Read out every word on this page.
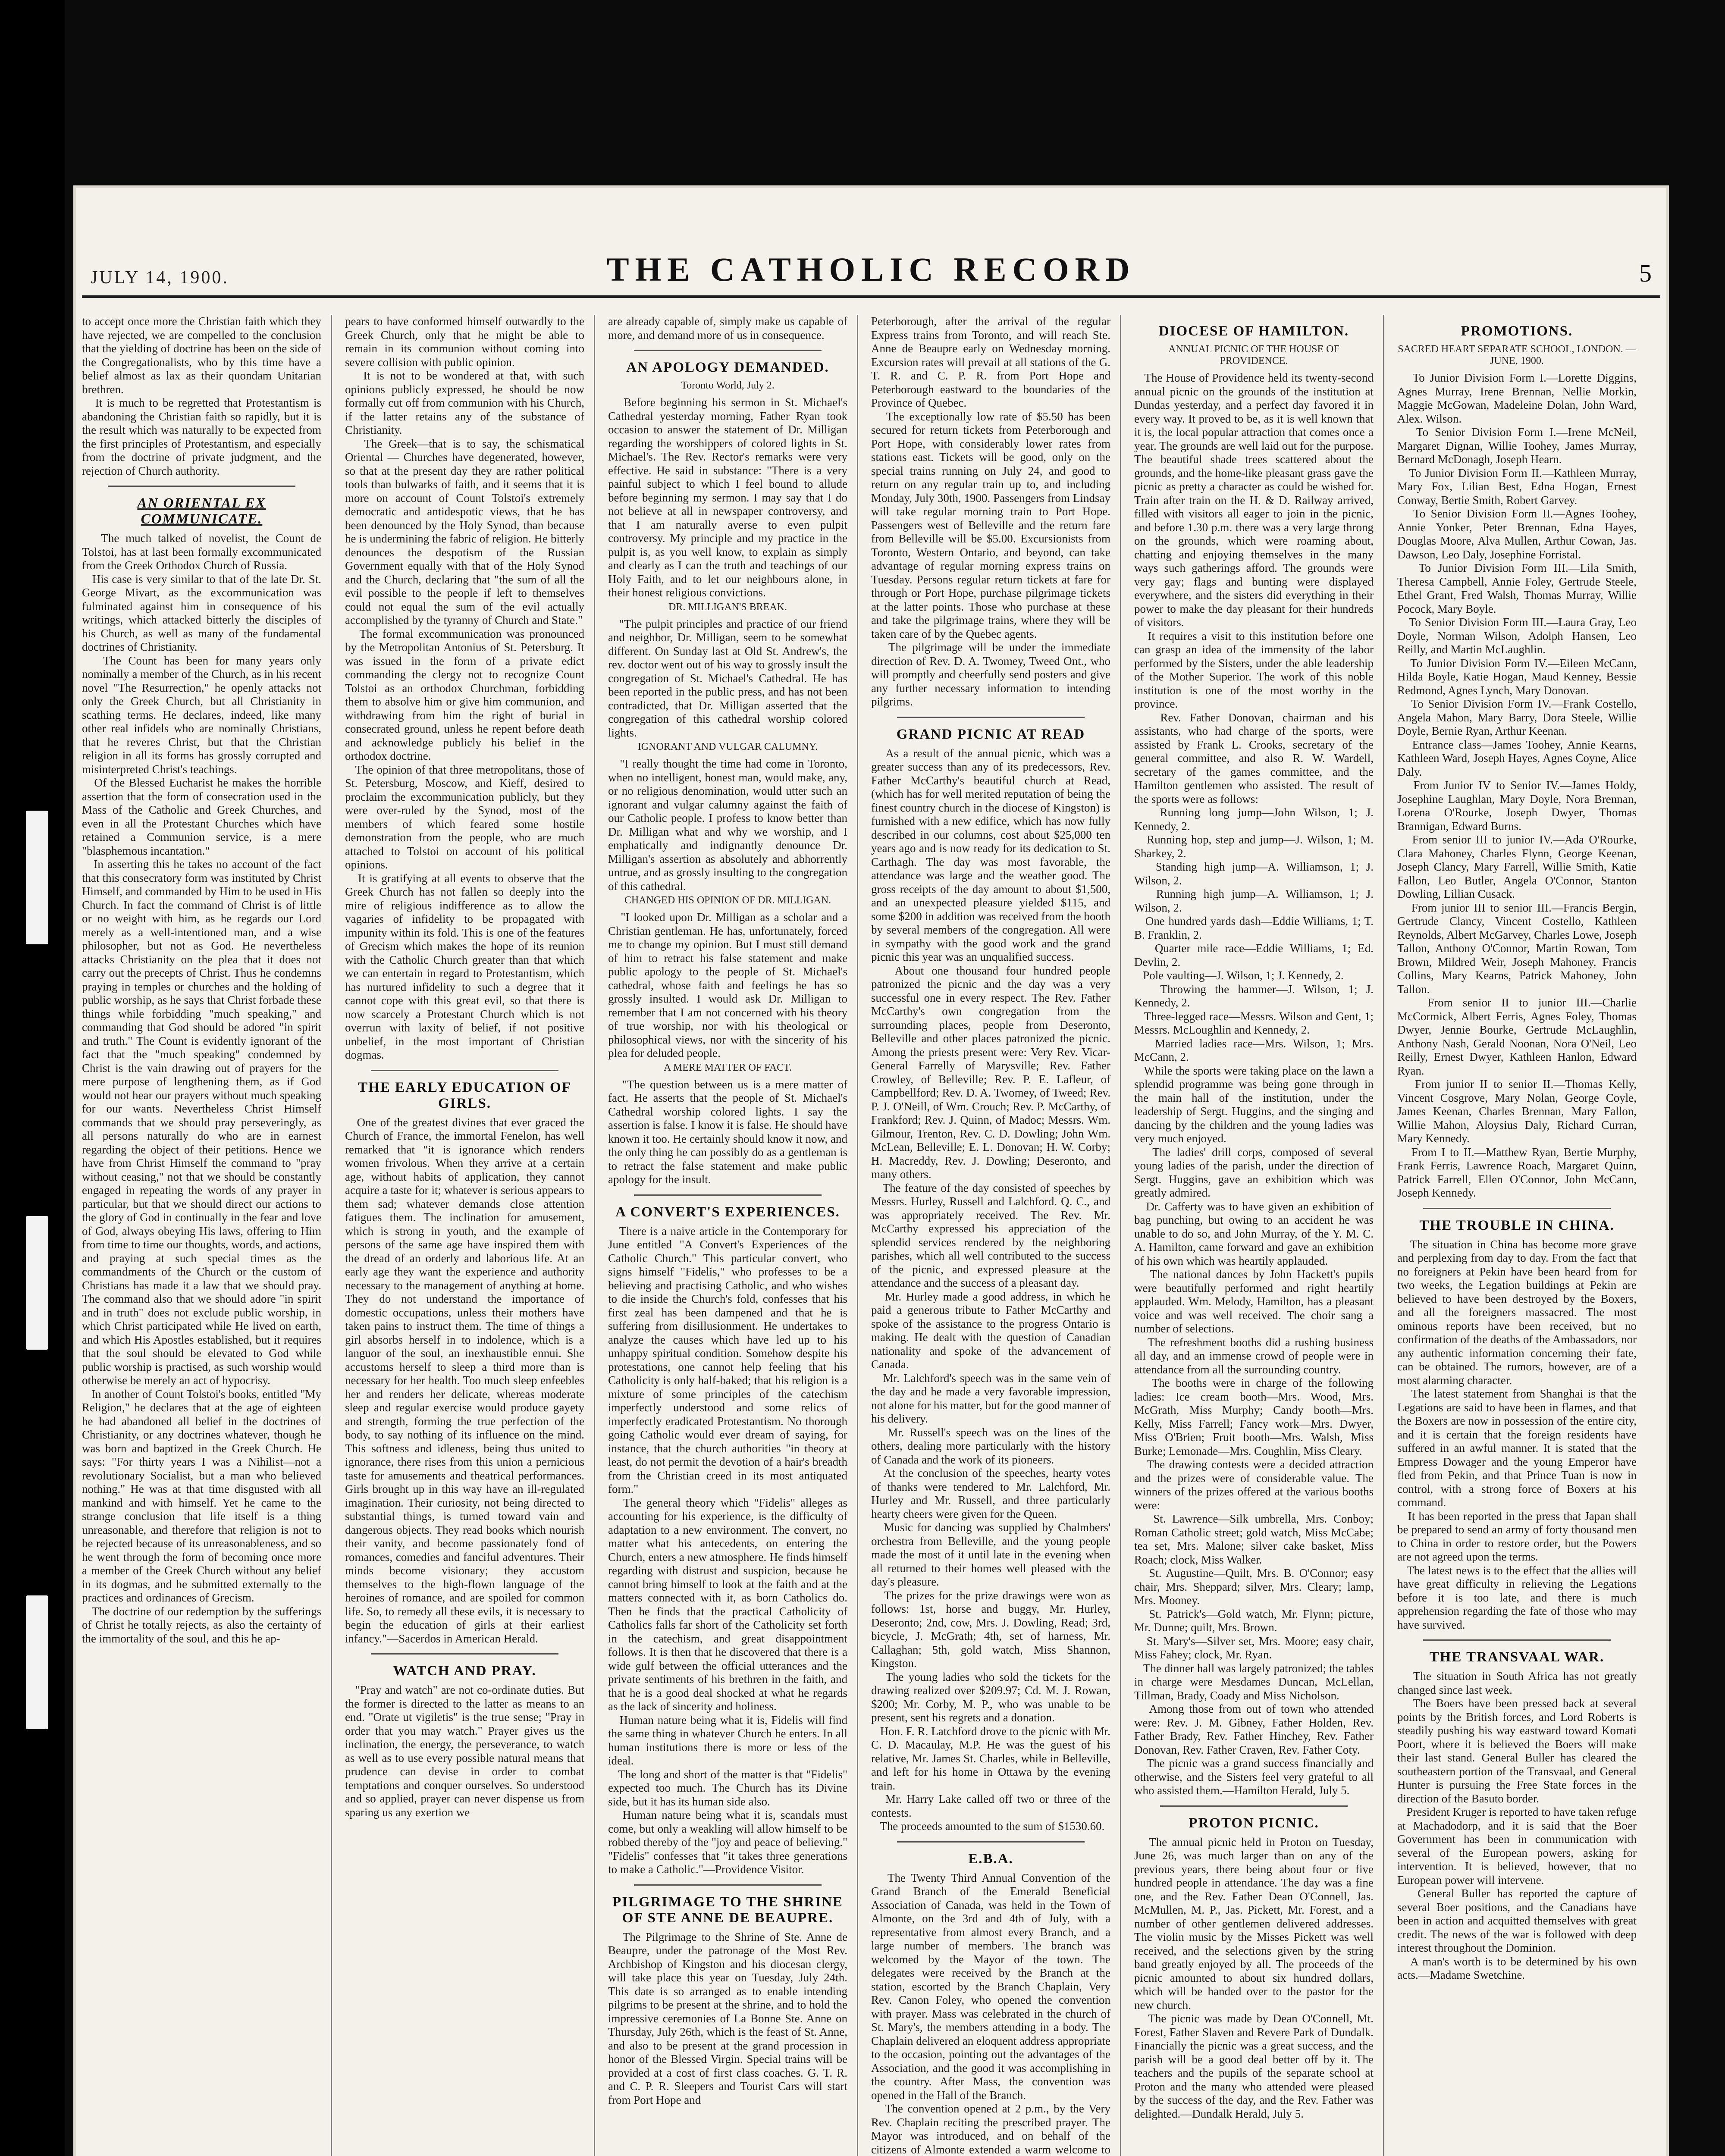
JULY 14, 1900.	THE CATHOLIC RECORD	5

to accept once more the Christian faith which they have rejected, we are compelled to the conclusion that the yielding of doctrine has been on the side of the Congregationalists, who by this time have a belief almost as lax as their quondam Unitarian brethren.
It is much to be regretted that Protestantism is abandoning the Christian faith so rapidly, but it is the result which was naturally to be expected from the first principles of Protestantism, and especially from the doctrine of private judgment, and the rejection of Church authority.

AN ORIENTAL EX COMMUNICATE.

The much talked of novelist, the Count de Tolstoi, has at last been formally excommunicated from the Greek Orthodox Church of Russia.
His case is very similar to that of the late Dr. St. George Mivart, as the excommunication was fulminated against him in consequence of his writings, which attacked bitterly the disciples of his Church, as well as many of the fundamental doctrines of Christianity.
The Count has been for many years only nominally a member of the Church, as in his recent novel "The Resurrection," he openly attacks not only the Greek Church, but all Christianity in scathing terms. He declares, indeed, like many other real infidels who are nominally Christians, that he reveres Christ, but that the Christian religion in all its forms has grossly corrupted and misinterpreted Christ's teachings.
Of the Blessed Eucharist he makes the horrible assertion that the form of consecration used in the Mass of the Catholic and Greek Churches, and even in all the Protestant Churches which have retained a Communion service, is a mere "blasphemous incantation."
In asserting this he takes no account of the fact that this consecratory form was instituted by Christ Himself, and commanded by Him to be used in His Church. In fact the command of Christ is of little or no weight with him, as he regards our Lord merely as a well-intentioned man, and a wise philosopher, but not as God. He nevertheless attacks Christianity on the plea that it does not carry out the precepts of Christ. Thus he condemns praying in temples or churches and the holding of public worship, as he says that Christ forbade these things while forbidding "much speaking," and commanding that God should be adored "in spirit and truth." The Count is evidently ignorant of the fact that the "much speaking" condemned by Christ is the vain drawing out of prayers for the mere purpose of lengthening them, as if God would not hear our prayers without much speaking for our wants. Nevertheless Christ Himself commands that we should pray perseveringly, as all persons naturally do who are in earnest regarding the object of their petitions. Hence we have from Christ Himself the command to "pray without ceasing," not that we should be constantly engaged in repeating the words of any prayer in particular, but that we should direct our actions to the glory of God in continually in the fear and love of God, always obeying His laws, offering to Him from time to time our thoughts, words, and actions, and praying at such special times as the commandments of the Church or the custom of Christians has made it a law that we should pray. The command also that we should adore "in spirit and in truth" does not exclude public worship, in which Christ participated while He lived on earth, and which His Apostles established, but it requires that the soul should be elevated to God while public worship is practised, as such worship would otherwise be merely an act of hypocrisy.
In another of Count Tolstoi's books, entitled "My Religion," he declares that at the age of eighteen he had abandoned all belief in the doctrines of Christianity, or any doctrines whatever, though he was born and baptized in the Greek Church. He says: "For thirty years I was a Nihilist—not a revolutionary Socialist, but a man who believed nothing." He was at that time disgusted with all mankind and with himself. Yet he came to the strange conclusion that life itself is a thing unreasonable, and therefore that religion is not to be rejected because of its unreasonableness, and so he went through the form of becoming once more a member of the Greek Church without any belief in its dogmas, and he submitted externally to the practices and ordinances of Grecism.
The doctrine of our redemption by the sufferings of Christ he totally rejects, as also the certainty of the immortality of the soul, and this he ap-

pears to have conformed himself outwardly to the Greek Church, only that he might be able to remain in its communion without coming into severe collision with public opinion.
It is not to be wondered at that, with such opinions publicly expressed, he should be now formally cut off from communion with his Church, if the latter retains any of the substance of Christianity.
The Greek—that is to say, the schismatical Oriental — Churches have degenerated, however, so that at the present day they are rather political tools than bulwarks of faith, and it seems that it is more on account of Count Tolstoi's extremely democratic and antidespotic views, that he has been denounced by the Holy Synod, than because he is undermining the fabric of religion. He bitterly denounces the despotism of the Russian Government equally with that of the Holy Synod and the Church, declaring that "the sum of all the evil possible to the people if left to themselves could not equal the sum of the evil actually accomplished by the tyranny of Church and State."
The formal excommunication was pronounced by the Metropolitan Antonius of St. Petersburg. It was issued in the form of a private edict commanding the clergy not to recognize Count Tolstoi as an orthodox Churchman, forbidding them to absolve him or give him communion, and withdrawing from him the right of burial in consecrated ground, unless he repent before death and acknowledge publicly his belief in the orthodox doctrine.
The opinion of that three metropolitans, those of St. Petersburg, Moscow, and Kieff, desired to proclaim the excommunication publicly, but they were over-ruled by the Synod, most of the members of which feared some hostile demonstration from the people, who are much attached to Tolstoi on account of his political opinions.
It is gratifying at all events to observe that the Greek Church has not fallen so deeply into the mire of religious indifference as to allow the vagaries of infidelity to be propagated with impunity within its fold. This is one of the features of Grecism which makes the hope of its reunion with the Catholic Church greater than that which we can entertain in regard to Protestantism, which has nurtured infidelity to such a degree that it cannot cope with this great evil, so that there is now scarcely a Protestant Church which is not overrun with laxity of belief, if not positive unbelief, in the most important of Christian dogmas.

THE EARLY EDUCATION OF GIRLS.

One of the greatest divines that ever graced the Church of France, the immortal Fenelon, has well remarked that "it is ignorance which renders women frivolous. When they arrive at a certain age, without habits of application, they cannot acquire a taste for it; whatever is serious appears to them sad; whatever demands close attention fatigues them. The inclination for amusement, which is strong in youth, and the example of persons of the same age have inspired them with the dread of an orderly and laborious life. At an early age they want the experience and authority necessary to the management of anything at home. They do not understand the importance of domestic occupations, unless their mothers have taken pains to instruct them. The time of things a girl absorbs herself in to indolence, which is a languor of the soul, an inexhaustible ennui. She accustoms herself to sleep a third more than is necessary for her health. Too much sleep enfeebles her and renders her delicate, whereas moderate sleep and regular exercise would produce gayety and strength, forming the true perfection of the body, to say nothing of its influence on the mind. This softness and idleness, being thus united to ignorance, there rises from this union a pernicious taste for amusements and theatrical performances. Girls brought up in this way have an ill-regulated imagination. Their curiosity, not being directed to substantial things, is turned toward vain and dangerous objects. They read books which nourish their vanity, and become passionately fond of romances, comedies and fanciful adventures. Their minds become visionary; they accustom themselves to the high-flown language of the heroines of romance, and are spoiled for common life. So, to remedy all these evils, it is necessary to begin the education of girls at their earliest infancy."—Sacerdos in American Herald.

WATCH AND PRAY.

"Pray and watch" are not co-ordinate duties. But the former is directed to the latter as means to an end. "Orate ut vigiletis" is the true sense; "Pray in order that you may watch." Prayer gives us the inclination, the energy, the perseverance, to watch as well as to use every possible natural means that prudence can devise in order to combat temptations and conquer ourselves. So understood and so applied, prayer can never dispense us from sparing us any exertion we

are already capable of, simply make us capable of more, and demand more of us in consequence.

AN APOLOGY DEMANDED.
Toronto World, July 2.

Before beginning his sermon in St. Michael's Cathedral yesterday morning, Father Ryan took occasion to answer the statement of Dr. Milligan regarding the worshippers of colored lights in St. Michael's. The Rev. Rector's remarks were very effective. He said in substance: "There is a very painful subject to which I feel bound to allude before beginning my sermon. I may say that I do not believe at all in newspaper controversy, and that I am naturally averse to even pulpit controversy. My principle and my practice in the pulpit is, as you well know, to explain as simply and clearly as I can the truth and teachings of our Holy Faith, and to let our neighbours alone, in their honest religious convictions.

DR. MILLIGAN'S BREAK.

"The pulpit principles and practice of our friend and neighbor, Dr. Milligan, seem to be somewhat different. On Sunday last at Old St. Andrew's, the rev. doctor went out of his way to grossly insult the congregation of St. Michael's Cathedral. He has been reported in the public press, and has not been contradicted, that Dr. Milligan asserted that the congregation of this cathedral worship colored lights.

IGNORANT AND VULGAR CALUMNY.

"I really thought the time had come in Toronto, when no intelligent, honest man, would make, any, or no religious denomination, would utter such an ignorant and vulgar calumny against the faith of our Catholic people. I profess to know better than Dr. Milligan what and why we worship, and I emphatically and indignantly denounce Dr. Milligan's assertion as absolutely and abhorrently untrue, and as grossly insulting to the congregation of this cathedral.

CHANGED HIS OPINION OF DR. MILLIGAN.

"I looked upon Dr. Milligan as a scholar and a Christian gentleman. He has, unfortunately, forced me to change my opinion. But I must still demand of him to retract his false statement and make public apology to the people of St. Michael's cathedral, whose faith and feelings he has so grossly insulted. I would ask Dr. Milligan to remember that I am not concerned with his theory of true worship, nor with his theological or philosophical views, nor with the sincerity of his plea for deluded people.

A MERE MATTER OF FACT.

"The question between us is a mere matter of fact. He asserts that the people of St. Michael's Cathedral worship colored lights. I say the assertion is false. I know it is false. He should have known it too. He certainly should know it now, and the only thing he can possibly do as a gentleman is to retract the false statement and make public apology for the insult.

A CONVERT'S EXPERIENCES.

There is a naive article in the Contemporary for June entitled "A Convert's Experiences of the Catholic Church." This particular convert, who signs himself "Fidelis," who professes to be a believing and practising Catholic, and who wishes to die inside the Church's fold, confesses that his first zeal has been dampened and that he is suffering from disillusionment. He undertakes to analyze the causes which have led up to his unhappy spiritual condition. Somehow despite his protestations, one cannot help feeling that his Catholicity is only half-baked; that his religion is a mixture of some principles of the catechism imperfectly understood and some relics of imperfectly eradicated Protestantism. No thorough going Catholic would ever dream of saying, for instance, that the church authorities "in theory at least, do not permit the devotion of a hair's breadth from the Christian creed in its most antiquated form."
The general theory which "Fidelis" alleges as accounting for his experience, is the difficulty of adaptation to a new environment. The convert, no matter what his antecedents, on entering the Church, enters a new atmosphere. He finds himself regarding with distrust and suspicion, because he cannot bring himself to look at the faith and at the matters connected with it, as born Catholics do. Then he finds that the practical Catholicity of Catholics falls far short of the Catholicity set forth in the catechism, and great disappointment follows. It is then that he discovered that there is a wide gulf between the official utterances and the private sentiments of his brethren in the faith, and that he is a good deal shocked at what he regards as the lack of sincerity and holiness.
Human nature being what it is, Fidelis will find the same thing in whatever Church he enters. In all human institutions there is more or less of the ideal.
The long and short of the matter is that "Fidelis" expected too much. The Church has its Divine side, but it has its human side also.
Human nature being what it is, scandals must come, but only a weakling will allow himself to be robbed thereby of the "joy and peace of believing." "Fidelis" confesses that "it takes three generations to make a Catholic."—Providence Visitor.

PILGRIMAGE TO THE SHRINE OF STE ANNE DE BEAUPRE.

The Pilgrimage to the Shrine of Ste. Anne de Beaupre, under the patronage of the Most Rev. Archbishop of Kingston and his diocesan clergy, will take place this year on Tuesday, July 24th. This date is so arranged as to enable intending pilgrims to be present at the shrine, and to hold the impressive ceremonies of La Bonne Ste. Anne on Thursday, July 26th, which is the feast of St. Anne, and also to be present at the grand procession in honor of the Blessed Virgin. Special trains will be provided at a cost of first class coaches. G. T. R. and C. P. R. Sleepers and Tourist Cars will start from Port Hope and

Peterborough, after the arrival of the regular Express trains from Toronto, and will reach Ste. Anne de Beaupre early on Wednesday morning. Excursion rates will prevail at all stations of the G. T. R. and C. P. R. from Port Hope and Peterborough eastward to the boundaries of the Province of Quebec.
The exceptionally low rate of $5.50 has been secured for return tickets from Peterborough and Port Hope, with considerably lower rates from stations east. Tickets will be good, only on the special trains running on July 24, and good to return on any regular train up to, and including Monday, July 30th, 1900. Passengers from Lindsay will take regular morning train to Port Hope. Passengers west of Belleville and the return fare from Belleville will be $5.00. Excursionists from Toronto, Western Ontario, and beyond, can take advantage of regular morning express trains on Tuesday. Persons regular return tickets at fare for through or Port Hope, purchase pilgrimage tickets at the latter points. Those who purchase at these and take the pilgrimage trains, where they will be taken care of by the Quebec agents.
The pilgrimage will be under the immediate direction of Rev. D. A. Twomey, Tweed Ont., who will promptly and cheerfully send posters and give any further necessary information to intending pilgrims.

GRAND PICNIC AT READ

As a result of the annual picnic, which was a greater success than any of its predecessors, Rev. Father McCarthy's beautiful church at Read, (which has for well merited reputation of being the finest country church in the diocese of Kingston) is furnished with a new edifice, which has now fully described in our columns, cost about $25,000 ten years ago and is now ready for its dedication to St. Carthagh. The day was most favorable, the attendance was large and the weather good. The gross receipts of the day amount to about $1,500, and an unexpected pleasure yielded $115, and some $200 in addition was received from the booth by several members of the congregation. All were in sympathy with the good work and the grand picnic this year was an unqualified success.
About one thousand four hundred people patronized the picnic and the day was a very successful one in every respect. The Rev. Father McCarthy's own congregation from the surrounding places, people from Deseronto, Belleville and other places patronized the picnic. Among the priests present were: Very Rev. Vicar-General Farrelly of Marysville; Rev. Father Crowley, of Belleville; Rev. P. E. Lafleur, of Campbellford; Rev. D. A. Twomey, of Tweed; Rev. P. J. O'Neill, of Wm. Crouch; Rev. P. McCarthy, of Frankford; Rev. J. Quinn, of Madoc; Messrs. Wm. Gilmour, Trenton, Rev. C. D. Dowling; John Wm. McLean, Belleville; E. L. Donovan; H. W. Corby; H. Macreddy, Rev. J. Dowling; Deseronto, and many others.
The feature of the day consisted of speeches by Messrs. Hurley, Russell and Lalchford. Q. C., and was appropriately received. The Rev. Mr. McCarthy expressed his appreciation of the splendid services rendered by the neighboring parishes, which all well contributed to the success of the picnic, and expressed pleasure at the attendance and the success of a pleasant day.
Mr. Hurley made a good address, in which he paid a generous tribute to Father McCarthy and spoke of the assistance to the progress Ontario is making. He dealt with the question of Canadian nationality and spoke of the advancement of Canada.
Mr. Lalchford's speech was in the same vein of the day and he made a very favorable impression, not alone for his matter, but for the good manner of his delivery.
Mr. Russell's speech was on the lines of the others, dealing more particularly with the history of Canada and the work of its pioneers.
At the conclusion of the speeches, hearty votes of thanks were tendered to Mr. Lalchford, Mr. Hurley and Mr. Russell, and three particularly hearty cheers were given for the Queen.
Music for dancing was supplied by Chalmbers' orchestra from Belleville, and the young people made the most of it until late in the evening when all returned to their homes well pleased with the day's pleasure.
The prizes for the prize drawings were won as follows: 1st, horse and buggy, Mr. Hurley, Deseronto; 2nd, cow, Mrs. J. Dowling, Read; 3rd, bicycle, J. McGrath; 4th, set of harness, Mr. Callaghan; 5th, gold watch, Miss Shannon, Kingston.
The young ladies who sold the tickets for the drawing realized over $209.97; Cd. M. J. Rowan, $200; Mr. Corby, M. P., who was unable to be present, sent his regrets and a donation.
Hon. F. R. Latchford drove to the picnic with Mr. C. D. Macaulay, M.P. He was the guest of his relative, Mr. James St. Charles, while in Belleville, and left for his home in Ottawa by the evening train.
Mr. Harry Lake called off two or three of the contests.
The proceeds amounted to the sum of $1530.60.

E.B.A.

The Twenty Third Annual Convention of the Grand Branch of the Emerald Beneficial Association of Canada, was held in the Town of Almonte, on the 3rd and 4th of July, with a representative from almost every Branch, and a large number of members. The branch was welcomed by the Mayor of the town. The delegates were received by the Branch at the station, escorted by the Branch Chaplain, Very Rev. Canon Foley, who opened the convention with prayer. Mass was celebrated in the church of St. Mary's, the members attending in a body. The Chaplain delivered an eloquent address appropriate to the occasion, pointing out the advantages of the Association, and the good it was accomplishing in the country. After Mass, the convention was opened in the Hall of the Branch.
The convention opened at 2 p.m., by the Very Rev. Chaplain reciting the prescribed prayer. The Mayor was introduced, and on behalf of the citizens of Almonte extended a warm welcome to

DIOCESE OF HAMILTON.
ANNUAL PICNIC OF THE HOUSE OF PROVIDENCE.

The House of Providence held its twenty-second annual picnic on the grounds of the institution at Dundas yesterday, and a perfect day favored it in every way. It proved to be, as it is well known that it is, the local popular attraction that comes once a year. The grounds are well laid out for the purpose. The beautiful shade trees scattered about the grounds, and the home-like pleasant grass gave the picnic as pretty a character as could be wished for. Train after train on the H. & D. Railway arrived, filled with visitors all eager to join in the picnic, and before 1.30 p.m. there was a very large throng on the grounds, which were roaming about, chatting and enjoying themselves in the many ways such gatherings afford. The grounds were very gay; flags and bunting were displayed everywhere, and the sisters did everything in their power to make the day pleasant for their hundreds of visitors.
It requires a visit to this institution before one can grasp an idea of the immensity of the labor performed by the Sisters, under the able leadership of the Mother Superior. The work of this noble institution is one of the most worthy in the province.
Rev. Father Donovan, chairman and his assistants, who had charge of the sports, were assisted by Frank L. Crooks, secretary of the general committee, and also R. W. Wardell, secretary of the games committee, and the Hamilton gentlemen who assisted. The result of the sports were as follows:
Running long jump—John Wilson, 1; J. Kennedy, 2.
Running hop, step and jump—J. Wilson, 1; M. Sharkey, 2.
Standing high jump—A. Williamson, 1; J. Wilson, 2.
Running high jump—A. Williamson, 1; J. Wilson, 2.
One hundred yards dash—Eddie Williams, 1; T. B. Franklin, 2.
Quarter mile race—Eddie Williams, 1; Ed. Devlin, 2.
Pole vaulting—J. Wilson, 1; J. Kennedy, 2.
Throwing the hammer—J. Wilson, 1; J. Kennedy, 2.
Three-legged race—Messrs. Wilson and Gent, 1; Messrs. McLoughlin and Kennedy, 2.
Married ladies race—Mrs. Wilson, 1; Mrs. McCann, 2.
While the sports were taking place on the lawn a splendid programme was being gone through in the main hall of the institution, under the leadership of Sergt. Huggins, and the singing and dancing by the children and the young ladies was very much enjoyed.
The ladies' drill corps, composed of several young ladies of the parish, under the direction of Sergt. Huggins, gave an exhibition which was greatly admired.
Dr. Cafferty was to have given an exhibition of bag punching, but owing to an accident he was unable to do so, and John Murray, of the Y. M. C. A. Hamilton, came forward and gave an exhibition of his own which was heartily applauded.
The national dances by John Hackett's pupils were beautifully performed and right heartily applauded. Wm. Melody, Hamilton, has a pleasant voice and was well received. The choir sang a number of selections.
The refreshment booths did a rushing business all day, and an immense crowd of people were in attendance from all the surrounding country.
The booths were in charge of the following ladies: Ice cream booth—Mrs. Wood, Mrs. McGrath, Miss Murphy; Candy booth—Mrs. Kelly, Miss Farrell; Fancy work—Mrs. Dwyer, Miss O'Brien; Fruit booth—Mrs. Walsh, Miss Burke; Lemonade—Mrs. Coughlin, Miss Cleary.
The drawing contests were a decided attraction and the prizes were of considerable value. The winners of the prizes offered at the various booths were:
St. Lawrence—Silk umbrella, Mrs. Conboy; Roman Catholic street; gold watch, Miss McCabe; tea set, Mrs. Malone; silver cake basket, Miss Roach; clock, Miss Walker.
St. Augustine—Quilt, Mrs. B. O'Connor; easy chair, Mrs. Sheppard; silver, Mrs. Cleary; lamp, Mrs. Mooney.
St. Patrick's—Gold watch, Mr. Flynn; picture, Mr. Dunne; quilt, Mrs. Brown.
St. Mary's—Silver set, Mrs. Moore; easy chair, Miss Fahey; clock, Mr. Ryan.
The dinner hall was largely patronized; the tables in charge were Mesdames Duncan, McLellan, Tillman, Brady, Coady and Miss Nicholson.
Among those from out of town who attended were: Rev. J. M. Gibney, Father Holden, Rev. Father Brady, Rev. Father Hinchey, Rev. Father Donovan, Rev. Father Craven, Rev. Father Coty.
The picnic was a grand success financially and otherwise, and the Sisters feel very grateful to all who assisted them.—Hamilton Herald, July 5.

PROTON PICNIC.

The annual picnic held in Proton on Tuesday, June 26, was much larger than on any of the previous years, there being about four or five hundred people in attendance. The day was a fine one, and the Rev. Father Dean O'Connell, Jas. McMullen, M. P., Jas. Pickett, Mr. Forest, and a number of other gentlemen delivered addresses. The violin music by the Misses Pickett was well received, and the selections given by the string band greatly enjoyed by all. The proceeds of the picnic amounted to about six hundred dollars, which will be handed over to the pastor for the new church.
The picnic was made by Dean O'Connell, Mt. Forest, Father Slaven and Revere Park of Dundalk. Financially the picnic was a great success, and the parish will be a good deal better off by it. The teachers and the pupils of the separate school at Proton and the many who attended were pleased by the success of the day, and the Rev. Father was delighted.—Dundalk Herald, July 5.

PROMOTIONS.
SACRED HEART SEPARATE SCHOOL, LONDON. — JUNE, 1900.

To Junior Division Form I.—Lorette Diggins, Agnes Murray, Irene Brennan, Nellie Morkin, Maggie McGowan, Madeleine Dolan, John Ward, Alex. Wilson.
To Senior Division Form I.—Irene McNeil, Margaret Dignan, Willie Toohey, James Murray, Bernard McDonagh, Joseph Hearn.
To Junior Division Form II.—Kathleen Murray, Mary Fox, Lilian Best, Edna Hogan, Ernest Conway, Bertie Smith, Robert Garvey.
To Senior Division Form II.—Agnes Toohey, Annie Yonker, Peter Brennan, Edna Hayes, Douglas Moore, Alva Mullen, Arthur Cowan, Jas. Dawson, Leo Daly, Josephine Forristal.
To Junior Division Form III.—Lila Smith, Theresa Campbell, Annie Foley, Gertrude Steele, Ethel Grant, Fred Walsh, Thomas Murray, Willie Pocock, Mary Boyle.
To Senior Division Form III.—Laura Gray, Leo Doyle, Norman Wilson, Adolph Hansen, Leo Reilly, and Martin McLaughlin.
To Junior Division Form IV.—Eileen McCann, Hilda Boyle, Katie Hogan, Maud Kenney, Bessie Redmond, Agnes Lynch, Mary Donovan.
To Senior Division Form IV.—Frank Costello, Angela Mahon, Mary Barry, Dora Steele, Willie Doyle, Bernie Ryan, Arthur Keenan.
Entrance class—James Toohey, Annie Kearns, Kathleen Ward, Joseph Hayes, Agnes Coyne, Alice Daly.
From Junior IV to Senior IV.—James Holdy, Josephine Laughlan, Mary Doyle, Nora Brennan, Lorena O'Rourke, Joseph Dwyer, Thomas Brannigan, Edward Burns.
From senior III to junior IV.—Ada O'Rourke, Clara Mahoney, Charles Flynn, George Keenan, Joseph Clancy, Mary Farrell, Willie Smith, Katie Fallon, Leo Butler, Angela O'Connor, Stanton Dowling, Lillian Cusack.
From junior III to senior III.—Francis Bergin, Gertrude Clancy, Vincent Costello, Kathleen Reynolds, Albert McGarvey, Charles Lowe, Joseph Tallon, Anthony O'Connor, Martin Rowan, Tom Brown, Mildred Weir, Joseph Mahoney, Francis Collins, Mary Kearns, Patrick Mahoney, John Tallon.
From senior II to junior III.—Charlie McCormick, Albert Ferris, Agnes Foley, Thomas Dwyer, Jennie Bourke, Gertrude McLaughlin, Anthony Nash, Gerald Noonan, Nora O'Neil, Leo Reilly, Ernest Dwyer, Kathleen Hanlon, Edward Ryan.
From junior II to senior II.—Thomas Kelly, Vincent Cosgrove, Mary Nolan, George Coyle, James Keenan, Charles Brennan, Mary Fallon, Willie Mahon, Aloysius Daly, Richard Curran, Mary Kennedy.
From I to II.—Matthew Ryan, Bertie Murphy, Frank Ferris, Lawrence Roach, Margaret Quinn, Patrick Farrell, Ellen O'Connor, John McCann, Joseph Kennedy.

THE TROUBLE IN CHINA.

The situation in China has become more grave and perplexing from day to day. From the fact that no foreigners at Pekin have been heard from for two weeks, the Legation buildings at Pekin are believed to have been destroyed by the Boxers, and all the foreigners massacred. The most ominous reports have been received, but no confirmation of the deaths of the Ambassadors, nor any authentic information concerning their fate, can be obtained. The rumors, however, are of a most alarming character.
The latest statement from Shanghai is that the Legations are said to have been in flames, and that the Boxers are now in possession of the entire city, and it is certain that the foreign residents have suffered in an awful manner. It is stated that the Empress Dowager and the young Emperor have fled from Pekin, and that Prince Tuan is now in control, with a strong force of Boxers at his command.
It has been reported in the press that Japan shall be prepared to send an army of forty thousand men to China in order to restore order, but the Powers are not agreed upon the terms.
The latest news is to the effect that the allies will have great difficulty in relieving the Legations before it is too late, and there is much apprehension regarding the fate of those who may have survived.

THE TRANSVAAL WAR.

The situation in South Africa has not greatly changed since last week.
The Boers have been pressed back at several points by the British forces, and Lord Roberts is steadily pushing his way eastward toward Komati Poort, where it is believed the Boers will make their last stand. General Buller has cleared the southeastern portion of the Transvaal, and General Hunter is pursuing the Free State forces in the direction of the Basuto border.
President Kruger is reported to have taken refuge at Machadodorp, and it is said that the Boer Government has been in communication with several of the European powers, asking for intervention. It is believed, however, that no European power will intervene.
General Buller has reported the capture of several Boer positions, and the Canadians have been in action and acquitted themselves with great credit. The news of the war is followed with deep interest throughout the Dominion.
A man's worth is to be determined by his own acts.—Madame Swetchine.
